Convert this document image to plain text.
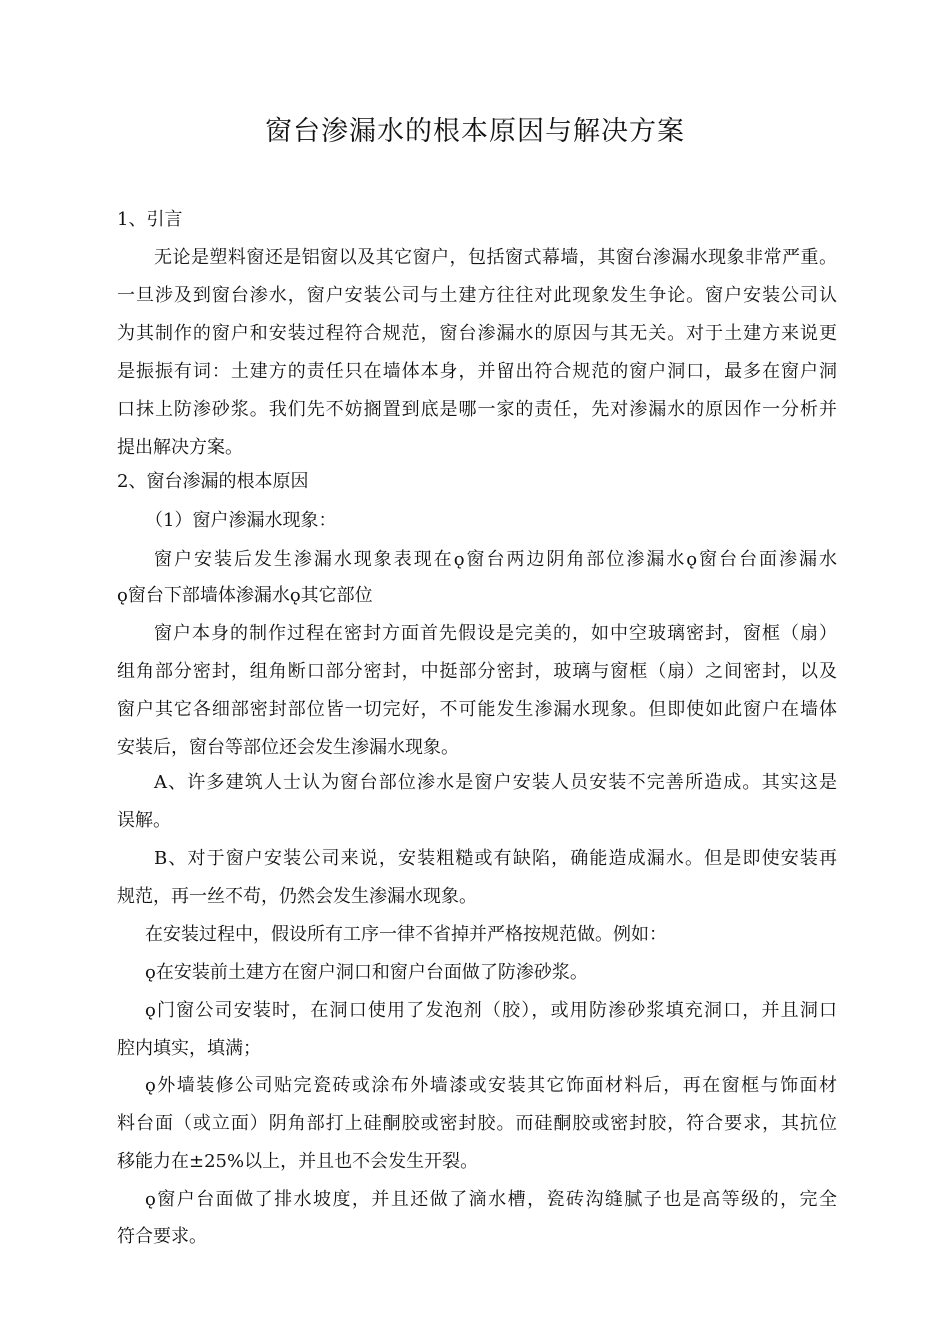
窗台渗漏水的根本原因与解决方案
1、引言
无论是塑料窗还是铝窗以及其它窗户，包括窗式幕墙，其窗台渗漏水现象非常严重。
一旦涉及到窗台渗水，窗户安装公司与土建方往往对此现象发生争论。窗户安装公司认
为其制作的窗户和安装过程符合规范，窗台渗漏水的原因与其无关。对于土建方来说更
是振振有词：土建方的责任只在墙体本身，并留出符合规范的窗户洞口，最多在窗户洞
口抹上防渗砂浆。我们先不妨搁置到底是哪一家的责任，先对渗漏水的原因作一分析并
提出解决方案。
2、窗台渗漏的根本原因
（1）窗户渗漏水现象：
窗户安装后发生渗漏水现象表现在ǫ窗台两边阴角部位渗漏水ǫ窗台台面渗漏水
ǫ窗台下部墙体渗漏水ǫ其它部位
窗户本身的制作过程在密封方面首先假设是完美的，如中空玻璃密封，窗框（扇）
组角部分密封，组角断口部分密封，中挺部分密封，玻璃与窗框（扇）之间密封，以及
窗户其它各细部密封部位皆一切完好，不可能发生渗漏水现象。但即使如此窗户在墙体
安装后，窗台等部位还会发生渗漏水现象。
A、许多建筑人士认为窗台部位渗水是窗户安装人员安装不完善所造成。其实这是
误解。
B、对于窗户安装公司来说，安装粗糙或有缺陷，确能造成漏水。但是即使安装再
规范，再一丝不苟，仍然会发生渗漏水现象。
在安装过程中，假设所有工序一律不省掉并严格按规范做。例如：
ǫ在安装前土建方在窗户洞口和窗户台面做了防渗砂浆。
ǫ门窗公司安装时，在洞口使用了发泡剂（胶），或用防渗砂浆填充洞口，并且洞口
腔内填实，填满；
ǫ外墙装修公司贴完瓷砖或涂布外墙漆或安装其它饰面材料后，再在窗框与饰面材
料台面（或立面）阴角部打上硅酮胶或密封胶。而硅酮胶或密封胶，符合要求，其抗位
移能力在±25%以上，并且也不会发生开裂。
ǫ窗户台面做了排水坡度，并且还做了滴水槽，瓷砖沟缝腻子也是高等级的，完全
符合要求。
